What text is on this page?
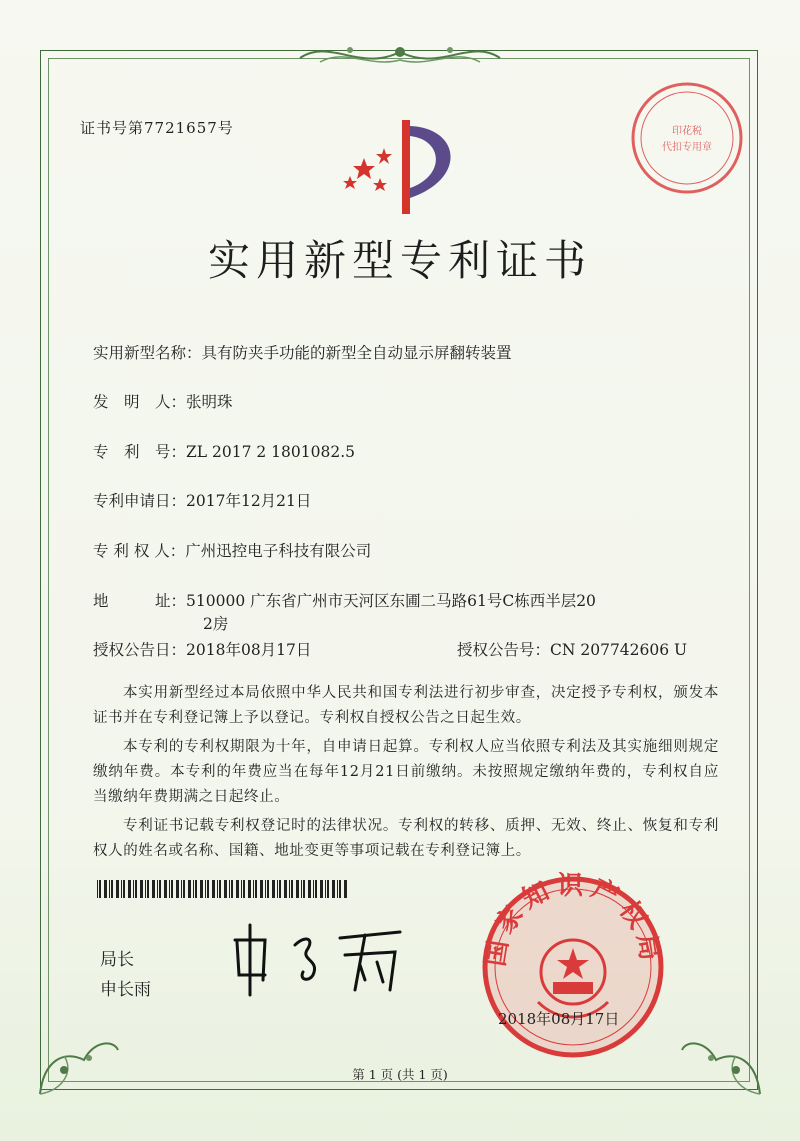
证书号第7721657号	印花税
代扣专用章
实用新型专利证书
实用新型名称：具有防夹手功能的新型全自动显示屏翻转装置
发　明　人：张明珠
专　利　号：ZL 2017 2 1801082.5
专利申请日：2017年12月21日
专 利 权 人：广州迅控电子科技有限公司
地　　　址：510000 广东省广州市天河区东圃二马路61号C栋西半层20
2房
授权公告日：2018年08月17日	授权公告号：CN 207742606 U

本实用新型经过本局依照中华人民共和国专利法进行初步审查，决定授予专利权，颁发本证书并在专利登记簿上予以登记。专利权自授权公告之日起生效。

本专利的专利权期限为十年，自申请日起算。专利权人应当依照专利法及其实施细则规定缴纳年费。本专利的年费应当在每年12月21日前缴纳。未按照规定缴纳年费的，专利权自应当缴纳年费期满之日起终止。

专利证书记载专利权登记时的法律状况。专利权的转移、质押、无效、终止、恢复和专利权人的姓名或名称、国籍、地址变更等事项记载在专利登记簿上。

局长
申长雨
国家知识产权局
2018年08月17日
第 1 页 (共 1 页)
